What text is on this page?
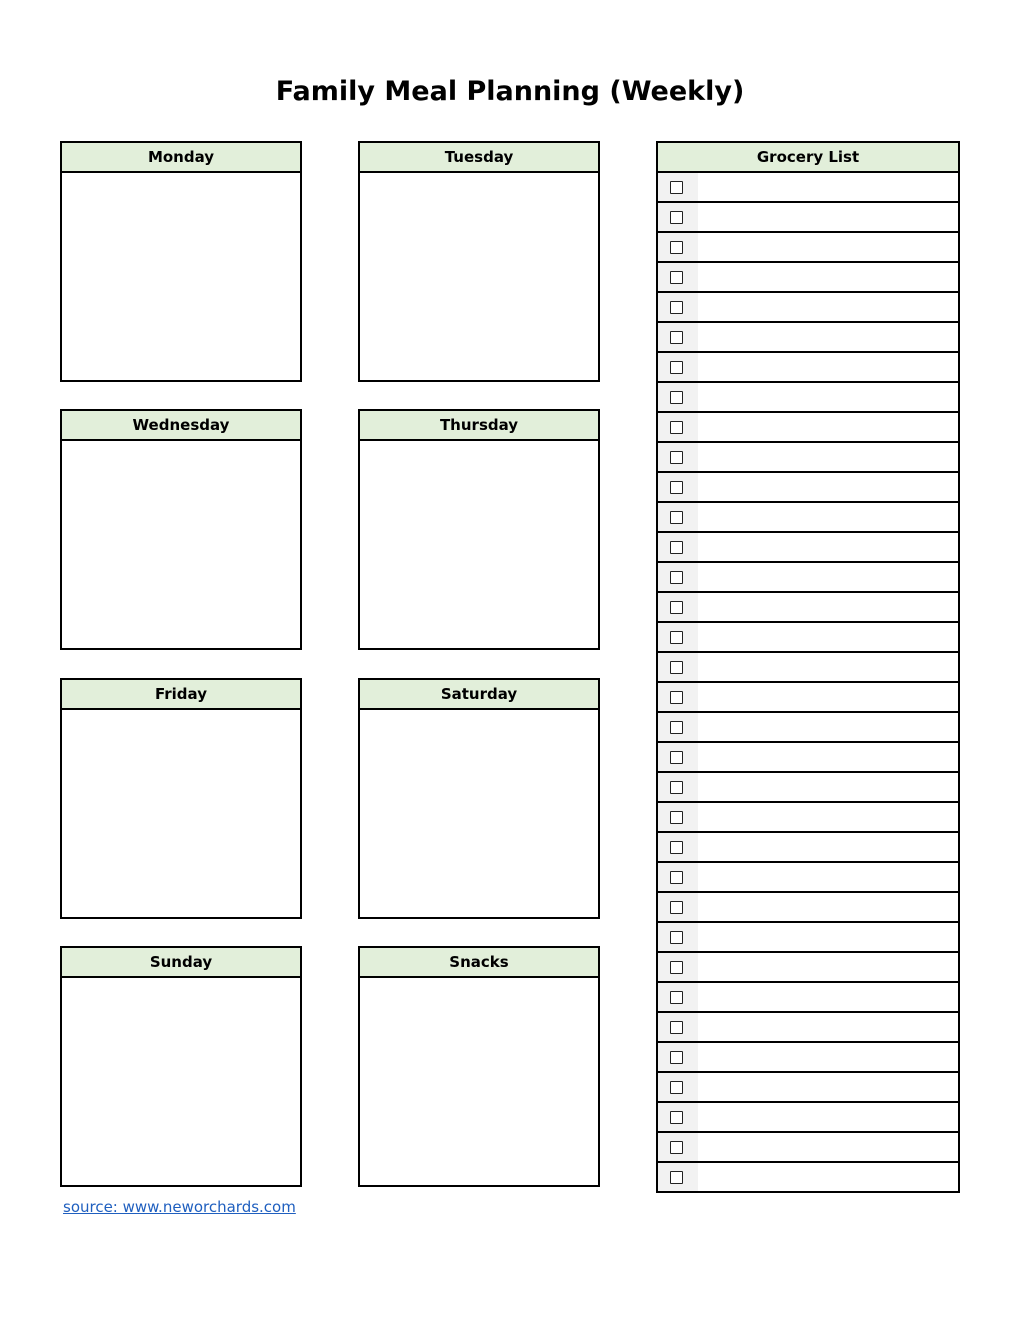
Family Meal Planning (Weekly)
Monday	Tuesday
Wednesday	Thursday
Friday	Saturday
Sunday	Snacks
Grocery List
source: www.neworchards.com
